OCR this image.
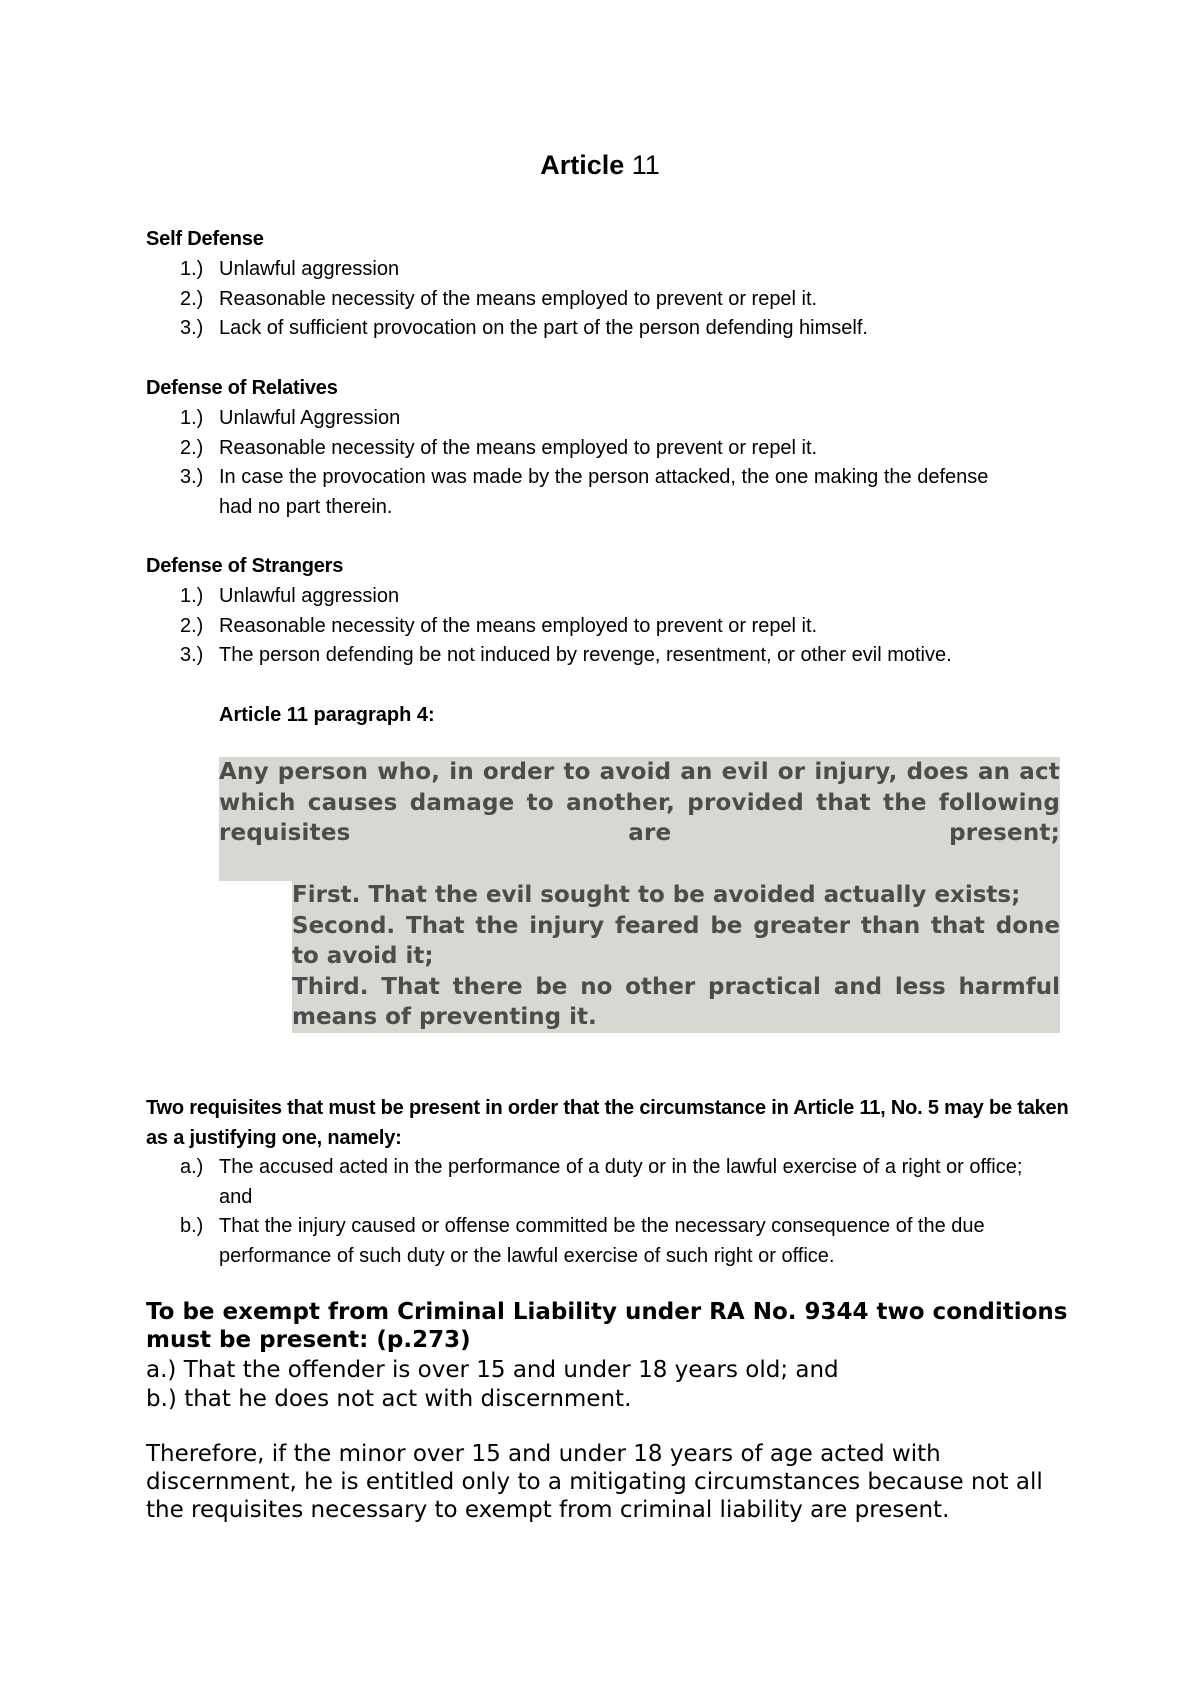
Article 11
Self Defense
1.) Unlawful aggression
2.) Reasonable necessity of the means employed to prevent or repel it.
3.) Lack of sufficient provocation on the part of the person defending himself.
Defense of Relatives
1.) Unlawful Aggression
2.) Reasonable necessity of the means employed to prevent or repel it.
3.) In case the provocation was made by the person attacked, the one making the defense had no part therein.
Defense of Strangers
1.) Unlawful aggression
2.) Reasonable necessity of the means employed to prevent or repel it.
3.) The person defending be not induced by revenge, resentment, or other evil motive.
Article 11 paragraph 4:

Any person who, in order to avoid an evil or injury, does an act which causes damage to another, provided that the following requisites are present;

First. That the evil sought to be avoided actually exists;

Second. That the injury feared be greater than that done to avoid it;

Third. That there be no other practical and less harmful means of preventing it.

Two requisites that must be present in order that the circumstance in Article 11, No. 5 may be taken as a justifying one, namely:
a.) The accused acted in the performance of a duty or in the lawful exercise of a right or office; and
b.) That the injury caused or offense committed be the necessary consequence of the due performance of such duty or the lawful exercise of such right or office.
To be exempt from Criminal Liability under RA No. 9344 two conditions must be present: (p.273)
a.) That the offender is over 15 and under 18 years old; and
b.) that he does not act with discernment.
Therefore, if the minor over 15 and under 18 years of age acted with discernment, he is entitled only to a mitigating circumstances because not all the requisites necessary to exempt from criminal liability are present.
